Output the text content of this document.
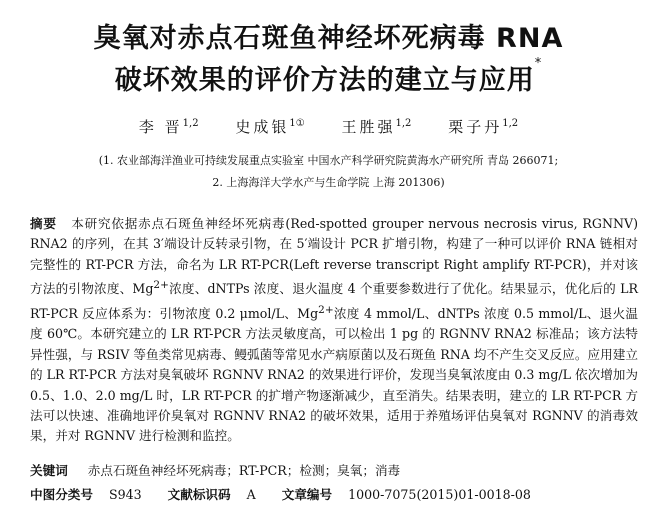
臭氧对赤点石斑鱼神经坏死病毒 RNA
破坏效果的评价方法的建立与应用*
李 晋$^{1,2}$ 史成银$^{1①}$ 王胜强$^{1,2}$ 栗子丹$^{1,2}$
(1. 农业部海洋渔业可持续发展重点实验室 中国水产科学研究院黄海水产研究所 青岛 266071;
2. 上海海洋大学水产与生命学院 上海 201306)

摘要 本研究依据赤点石斑鱼神经坏死病毒(Red-spotted grouper nervous necrosis virus, RGNNV) RNA2 的序列，在其 3′端设计反转录引物，在 5′端设计 PCR 扩增引物，构建了一种可以评价 RNA 链相对完整性的 RT-PCR 方法，命名为 LR RT-PCR(Left reverse transcript Right amplify RT-PCR)，并对该方法的引物浓度、$Mg^{2+}$浓度、dNTPs 浓度、退火温度 4 个重要参数进行了优化。结果显示，优化后的 LR RT-PCR 反应体系为：引物浓度 0.2 μmol/L、$Mg^{2+}$浓度 4 mmol/L、dNTPs 浓度 0.5 mmol/L、退火温度 60℃。本研究建立的 LR RT-PCR 方法灵敏度高，可以检出 1 pg 的 RGNNV RNA2 标准品；该方法特异性强，与 RSIV 等鱼类常见病毒、鳗弧菌等常见水产病原菌以及石斑鱼 RNA 均不产生交叉反应。应用建立的 LR RT-PCR 方法对臭氧破坏 RGNNV RNA2 的效果进行评价，发现当臭氧浓度由 0.3 mg/L 依次增加为 0.5、1.0、2.0 mg/L 时，LR RT-PCR 的扩增产物逐渐减少，直至消失。结果表明，建立的 LR RT-PCR 方法可以快速、准确地评价臭氧对 RGNNV RNA2 的破坏效果，适用于养殖场评估臭氧对 RGNNV 的消毒效果，并对 RGNNV 进行检测和监控。

关键词 赤点石斑鱼神经坏死病毒；RT-PCR；检测；臭氧；消毒
中图分类号 S943 文献标识码 A 文章编号 1000-7075(2015)01-0018-08
